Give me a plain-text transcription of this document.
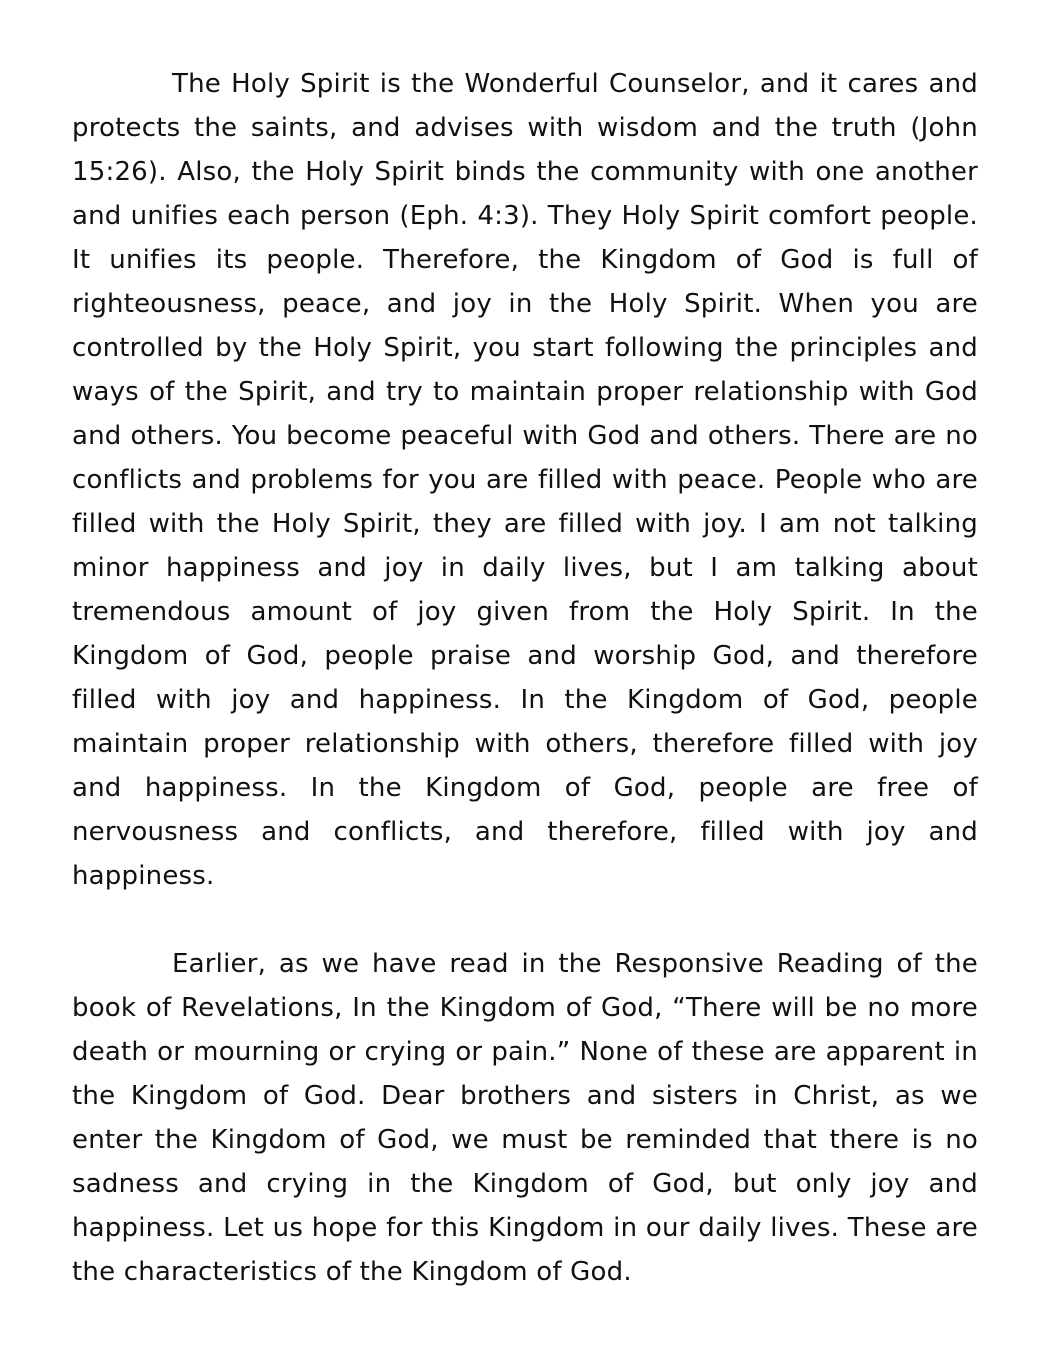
The Holy Spirit is the Wonderful Counselor, and it cares and protects the saints, and advises with wisdom and the truth (John 15:26). Also, the Holy Spirit binds the community with one another and unifies each person (Eph. 4:3). They Holy Spirit comfort people. It unifies its people. Therefore, the Kingdom of God is full of righteousness, peace, and joy in the Holy Spirit. When you are controlled by the Holy Spirit, you start following the principles and ways of the Spirit, and try to maintain proper relationship with God and others. You become peaceful with God and others. There are no conflicts and problems for you are filled with peace. People who are filled with the Holy Spirit, they are filled with joy. I am not talking minor happiness and joy in daily lives, but I am talking about tremendous amount of joy given from the Holy Spirit. In the Kingdom of God, people praise and worship God, and therefore filled with joy and happiness. In the Kingdom of God, people maintain proper relationship with others, therefore filled with joy and happiness. In the Kingdom of God, people are free of nervousness and conflicts, and therefore, filled with joy and happiness.

Earlier, as we have read in the Responsive Reading of the book of Revelations, In the Kingdom of God, “There will be no more death or mourning or crying or pain.” None of these are apparent in the Kingdom of God. Dear brothers and sisters in Christ, as we enter the Kingdom of God, we must be reminded that there is no sadness and crying in the Kingdom of God, but only joy and happiness. Let us hope for this Kingdom in our daily lives. These are the characteristics of the Kingdom of God.
